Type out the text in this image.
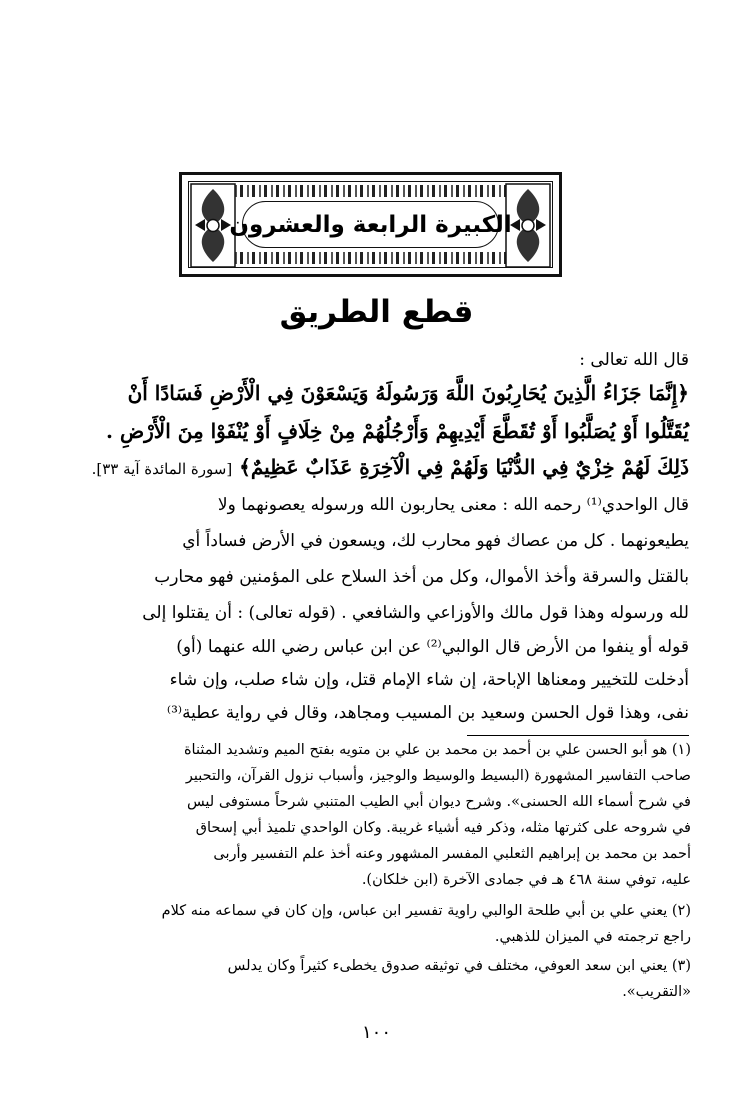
الكبيرة الرابعة والعشرون
قطع الطريق
قال الله تعالى :
﴿إِنَّمَا جَزَاءُ الَّذِينَ يُحَارِبُونَ اللَّهَ وَرَسُولَهُ وَيَسْعَوْنَ فِي الْأَرْضِ فَسَادًا أَنْ
يُقَتَّلُوا أَوْ يُصَلَّبُوا أَوْ تُقَطَّعَ أَيْدِيهِمْ وَأَرْجُلُهُمْ مِنْ خِلَافٍ أَوْ يُنْفَوْا مِنَ الْأَرْضِ .
ذَلِكَ لَهُمْ خِزْيٌ فِي الدُّنْيَا وَلَهُمْ فِي الْآخِرَةِ عَذَابٌ عَظِيمٌ﴾ [سورة المائدة آية ٣٣].
قال الواحدي⁽¹⁾ رحمه الله : معنى يحاربون الله ورسوله يعصونهما ولا
يطيعونهما . كل من عصاك فهو محارب لك، ويسعون في الأرض فساداً أي
بالقتل والسرقة وأخذ الأموال، وكل من أخذ السلاح على المؤمنين فهو محارب
لله ورسوله وهذا قول مالك والأوزاعي والشافعي . (قوله تعالى) : أن يقتلوا إلى
قوله أو ينفوا من الأرض قال الوالبي⁽²⁾ عن ابن عباس رضي الله عنهما (أو)
أدخلت للتخيير ومعناها الإباحة، إن شاء الإمام قتل، وإن شاء صلب، وإن شاء
نفى، وهذا قول الحسن وسعيد بن المسيب ومجاهد، وقال في رواية عطية⁽³⁾
(١) هو أبو الحسن علي بن أحمد بن محمد بن علي بن متويه بفتح الميم وتشديد المثناة
صاحب التفاسير المشهورة (البسيط والوسيط والوجيز، وأسباب نزول القرآن، والتحبير
في شرح أسماء الله الحسنى». وشرح ديوان أبي الطيب المتنبي شرحاً مستوفى ليس
في شروحه على كثرتها مثله، وذكر فيه أشياء غريبة. وكان الواحدي تلميذ أبي إسحاق
أحمد بن محمد بن إبراهيم الثعلبي المفسر المشهور وعنه أخذ علم التفسير وأربى
عليه، توفي سنة ٤٦٨ هـ في جمادى الآخرة (ابن خلكان).
(٢) يعني علي بن أبي طلحة الوالبي راوية تفسير ابن عباس، وإن كان في سماعه منه كلام
راجع ترجمته في الميزان للذهبي.
(٣) يعني ابن سعد العوفي، مختلف في توثيقه صدوق يخطىء كثيراً وكان يدلس
«التقريب».
١٠٠
